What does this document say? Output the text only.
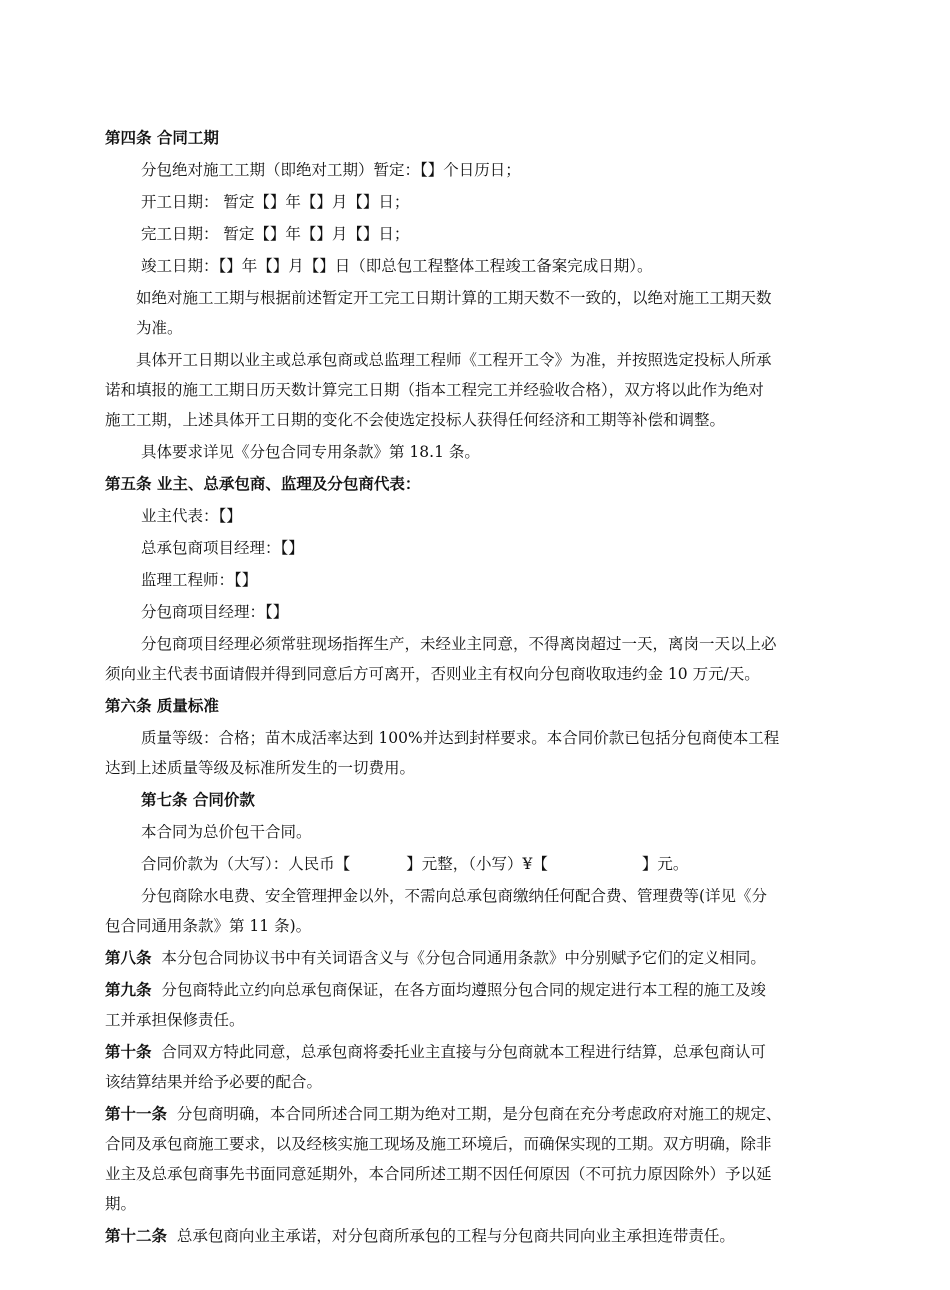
第四条 合同工期

分包绝对施工工期（即绝对工期）暂定：【】个日历日；

开工日期： 暂定【】年【】月【】日；

完工日期： 暂定【】年【】月【】日；

竣工日期：【】年【】月【】日（即总包工程整体工程竣工备案完成日期）。

如绝对施工工期与根据前述暂定开工完工日期计算的工期天数不一致的，以绝对施工工期天数

为准。

具体开工日期以业主或总承包商或总监理工程师《工程开工令》为准，并按照选定投标人所承

诺和填报的施工工期日历天数计算完工日期（指本工程完工并经验收合格），双方将以此作为绝对

施工工期，上述具体开工日期的变化不会使选定投标人获得任何经济和工期等补偿和调整。

具体要求详见《分包合同专用条款》第 18.1 条。

第五条 业主、总承包商、监理及分包商代表：

业主代表：【】

总承包商项目经理：【】

监理工程师：【】

分包商项目经理：【】

分包商项目经理必须常驻现场指挥生产，未经业主同意，不得离岗超过一天，离岗一天以上必

须向业主代表书面请假并得到同意后方可离开，否则业主有权向分包商收取违约金 10 万元/天。

第六条 质量标准

质量等级：合格；苗木成活率达到 100%并达到封样要求。本合同价款已包括分包商使本工程

达到上述质量等级及标准所发生的一切费用。

第七条 合同价款

本合同为总价包干合同。

合同价款为（大写）：人民币【	】元整，（小写）¥【	】元。

分包商除水电费、安全管理押金以外，不需向总承包商缴纳任何配合费、管理费等(详见《分

包合同通用条款》第 11 条)。

第八条 本分包合同协议书中有关词语含义与《分包合同通用条款》中分别赋予它们的定义相同。

第九条 分包商特此立约向总承包商保证，在各方面均遵照分包合同的规定进行本工程的施工及竣

工并承担保修责任。

第十条 合同双方特此同意，总承包商将委托业主直接与分包商就本工程进行结算，总承包商认可

该结算结果并给予必要的配合。

第十一条 分包商明确，本合同所述合同工期为绝对工期，是分包商在充分考虑政府对施工的规定、

合同及承包商施工要求，以及经核实施工现场及施工环境后，而确保实现的工期。双方明确，除非

业主及总承包商事先书面同意延期外，本合同所述工期不因任何原因（不可抗力原因除外）予以延

期。

第十二条 总承包商向业主承诺，对分包商所承包的工程与分包商共同向业主承担连带责任。
